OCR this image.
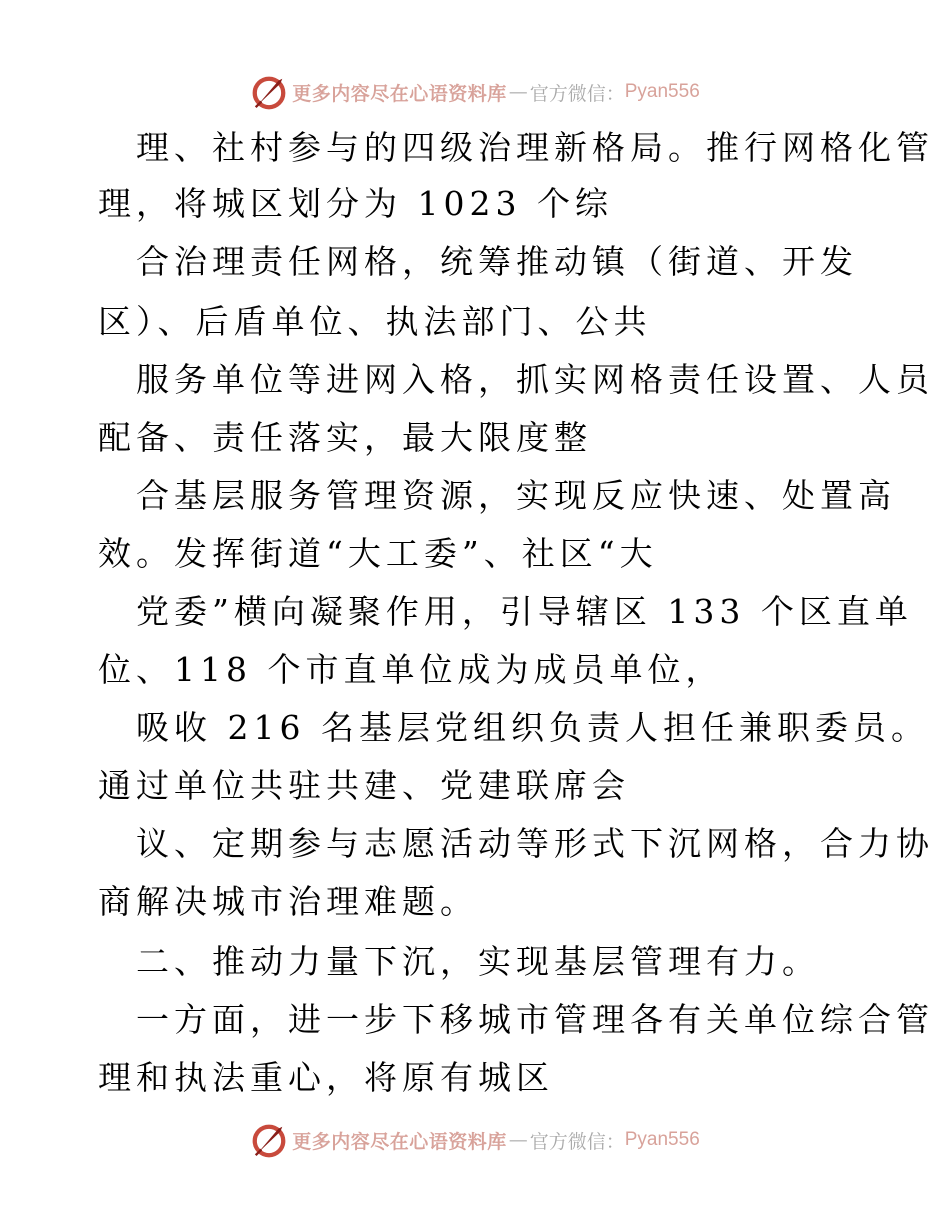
更多内容尽在心语资料库 — 官方微信： Pyan556
理、社村参与的四级治理新格局。推行网格化管
理，将城区划分为 1023 个综
合治理责任网格，统筹推动镇（街道、开发
区）、后盾单位、执法部门、公共
服务单位等进网入格，抓实网格责任设置、人员
配备、责任落实，最大限度整
合基层服务管理资源，实现反应快速、处置高
效。发挥街道“大工委”、社区“大
党委”横向凝聚作用，引导辖区 133 个区直单
位、118 个市直单位成为成员单位，
吸收 216 名基层党组织负责人担任兼职委员。
通过单位共驻共建、党建联席会
议、定期参与志愿活动等形式下沉网格，合力协
商解决城市治理难题。
二、推动力量下沉，实现基层管理有力。
一方面，进一步下移城市管理各有关单位综合管
理和执法重心，将原有城区
更多内容尽在心语资料库 — 官方微信： Pyan556
